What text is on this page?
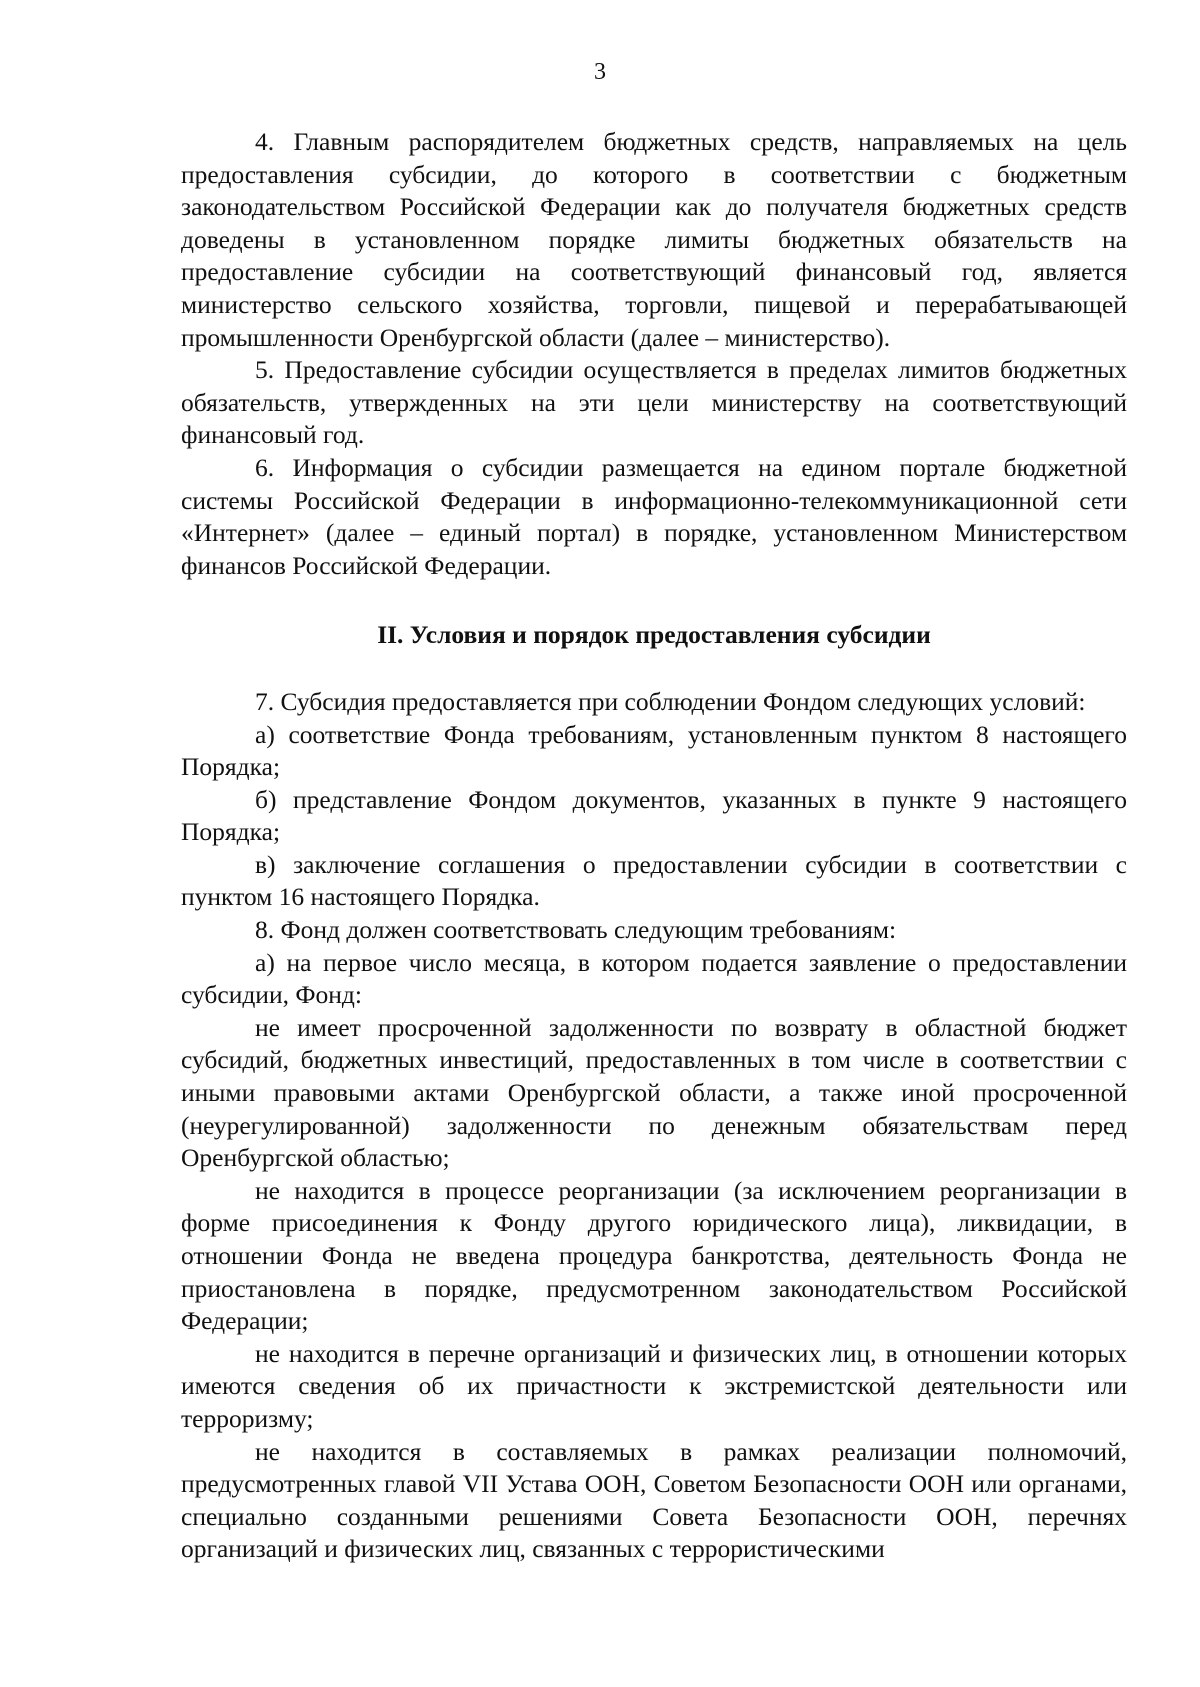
3

4. Главным распорядителем бюджетных средств, направляемых на цель предоставления субсидии, до которого в соответствии с бюджетным законодательством Российской Федерации как до получателя бюджетных средств доведены в установленном порядке лимиты бюджетных обязательств на предоставление субсидии на соответствующий финансовый год, является министерство сельского хозяйства, торговли, пищевой и перерабатывающей промышленности Оренбургской области (далее – министерство).

5. Предоставление субсидии осуществляется в пределах лимитов бюджетных обязательств, утвержденных на эти цели министерству на соответствующий финансовый год.

6. Информация о субсидии размещается на едином портале бюджетной системы Российской Федерации в информационно-телекоммуникационной сети «Интернет» (далее – единый портал) в порядке, установленном Министерством финансов Российской Федерации.

II. Условия и порядок предоставления субсидии

7. Субсидия предоставляется при соблюдении Фондом следующих условий:

а) соответствие Фонда требованиям, установленным пунктом 8 настоящего Порядка;

б) представление Фондом документов, указанных в пункте 9 настоящего Порядка;

в) заключение соглашения о предоставлении субсидии в соответствии с пунктом 16 настоящего Порядка.

8. Фонд должен соответствовать следующим требованиям:

а) на первое число месяца, в котором подается заявление о предоставлении субсидии, Фонд:

не имеет просроченной задолженности по возврату в областной бюджет субсидий, бюджетных инвестиций, предоставленных в том числе в соответствии с иными правовыми актами Оренбургской области, а также иной просроченной (неурегулированной) задолженности по денежным обязательствам перед Оренбургской областью;

не находится в процессе реорганизации (за исключением реорганизации в форме присоединения к Фонду другого юридического лица), ликвидации, в отношении Фонда не введена процедура банкротства, деятельность Фонда не приостановлена в порядке, предусмотренном законодательством Российской Федерации;

не находится в перечне организаций и физических лиц, в отношении которых имеются сведения об их причастности к экстремистской деятельности или терроризму;

не находится в составляемых в рамках реализации полномочий, предусмотренных главой VII Устава ООН, Советом Безопасности ООН или органами, специально созданными решениями Совета Безопасности ООН, перечнях организаций и физических лиц, связанных с террористическими
